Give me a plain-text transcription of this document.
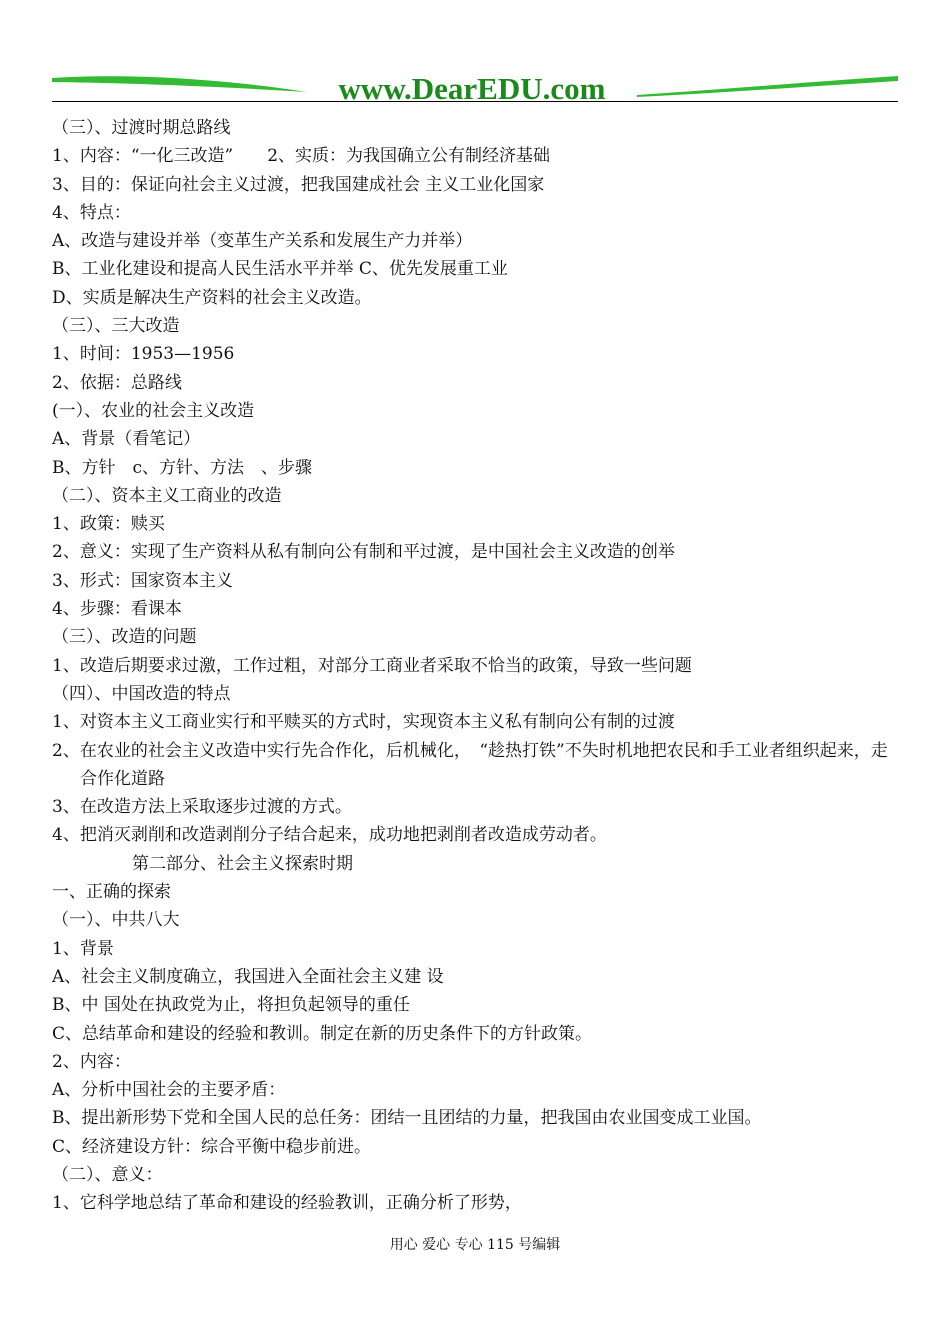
www.DearEDU.com
（三）、过渡时期总路线
1、内容：“一化三改造”　　2、实质：为我国确立公有制经济基础
3、目的：保证向社会主义过渡，把我国建成社会 主义工业化国家
4、特点：
A、改造与建设并举（变革生产关系和发展生产力并举）
B、工业化建设和提高人民生活水平并举 C、优先发展重工业
D、实质是解决生产资料的社会主义改造。
（三）、三大改造
1、时间：1953—1956
2、依据：总路线
(一）、农业的社会主义改造
A、背景（看笔记）
B、方针　c、方针、方法　、步骤
（二）、资本主义工商业的改造
1、政策：赎买
2、意义：实现了生产资料从私有制向公有制和平过渡，是中国社会主义改造的创举
3、形式：国家资本主义
4、步骤：看课本
（三）、改造的问题
1、改造后期要求过激，工作过粗，对部分工商业者采取不恰当的政策，导致一些问题
（四）、中国改造的特点
1、对资本主义工商业实行和平赎买的方式时，实现资本主义私有制向公有制的过渡
2、在农业的社会主义改造中实行先合作化，后机械化，　“趁热打铁”不失时机地把农民和手工业者组织起来，走合作化道路
3、在改造方法上采取逐步过渡的方式。
4、把消灭剥削和改造剥削分子结合起来，成功地把剥削者改造成劳动者。
第二部分、社会主义探索时期
一、正确的探索
（一）、中共八大
1、背景
A、社会主义制度确立，我国进入全面社会主义建 设
B、中 国处在执政党为止，将担负起领导的重任
C、总结革命和建设的经验和教训。制定在新的历史条件下的方针政策。
2、内容：
A、分析中国社会的主要矛盾：
B、提出新形势下党和全国人民的总任务：团结一且团结的力量，把我国由农业国变成工业国。
C、经济建设方针：综合平衡中稳步前进。
（二）、意义：
1、它科学地总结了革命和建设的经验教训，正确分析了形势，
用心 爱心 专心 115 号编辑
